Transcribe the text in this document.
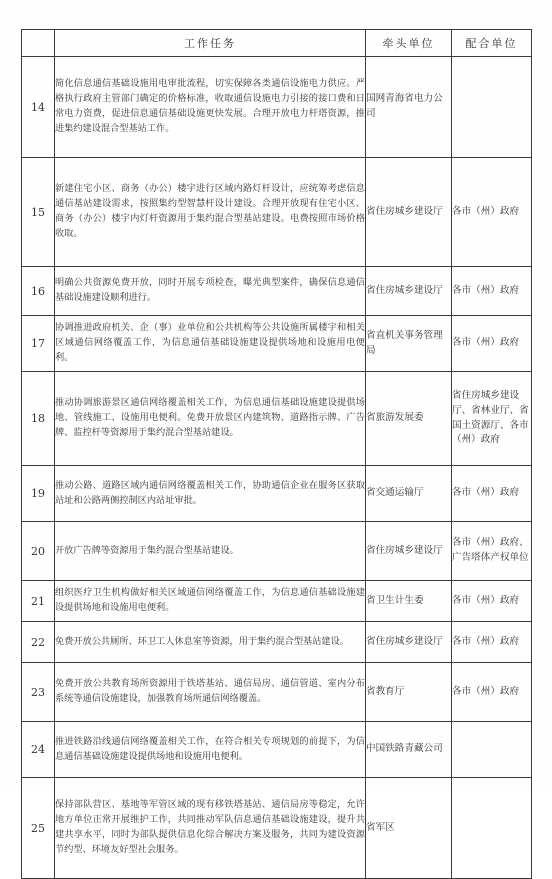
	工作任务	牵头单位	配合单位
14	简化信息通信基础设施用电审批流程，切实保障各类通信设施电力供应。严格执行政府主管部门确定的价格标准，收取通信设施电力引接的接口费和日常电力资费，促进信息通信基础设施更快发展。合理开放电力杆塔资源，推进集约建设混合型基站工作。	国网青海省电力公司	
15	新建住宅小区、商务（办公）楼宇进行区域内路灯杆设计，应统筹考虑信息通信基站建设需求，按照集约型智慧杆设计建设。合理开放现有住宅小区、商务（办公）楼宇内灯杆资源用于集约混合型基站建设。电费按照市场价格收取。	省住房城乡建设厅	各市（州）政府
16	明确公共资源免费开放，同时开展专项检查，曝光典型案件，确保信息通信基础设施建设顺利进行。	省住房城乡建设厅	各市（州）政府
17	协调推进政府机关、企（事）业单位和公共机构等公共设施所属楼宇和相关区域通信网络覆盖工作，为信息通信基础设施建设提供场地和设施用电便利。	省直机关事务管理局	各市（州）政府
18	推动协调旅游景区通信网络覆盖相关工作，为信息通信基础设施建设提供场地、管线施工、设施用电便利。免费开放景区内建筑物、道路指示牌、广告牌、监控杆等资源用于集约混合型基站建设。	省旅游发展委	省住房城乡建设厅、省林业厅、省国土资源厅、各市（州）政府
19	推动公路、道路区域内通信网络覆盖相关工作，协助通信企业在服务区获取站址和公路两侧控制区内站址审批。	省交通运输厅	各市（州）政府
20	开放广告牌等资源用于集约混合型基站建设。	省住房城乡建设厅	各市（州）政府、广告塔体产权单位
21	组织医疗卫生机构做好相关区域通信网络覆盖工作，为信息通信基础设施建设提供场地和设施用电便利。	省卫生计生委	各市（州）政府
22	免费开放公共厕所、环卫工人休息室等资源，用于集约混合型基站建设。	省住房城乡建设厅	各市（州）政府
23	免费开放公共教育场所资源用于铁塔基站、通信局房、通信管道、室内分布系统等通信设施建设，加强教育场所通信网络覆盖。	省教育厅	各市（州）政府
24	推进铁路沿线通信网络覆盖相关工作，在符合相关专项规划的前提下，为信息通信基础设施建设提供场地和设施用电便利。	中国铁路青藏公司	
25	保持部队营区、基地等军管区域的现有移铁塔基站、通信局房等稳定，允许地方单位正常开展维护工作，共同推动军队信息通信基础设施建设，提升共建共享水平，同时为部队提供信息化综合解决方案及服务，共同为建设资源节约型、环境友好型社会服务。	省军区	
